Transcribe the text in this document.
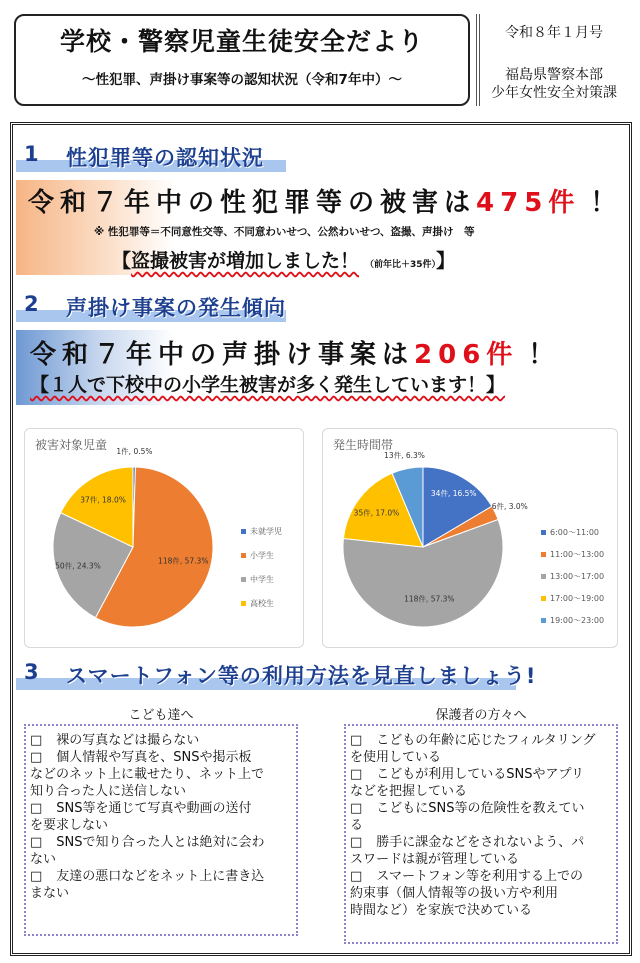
学校・警察児童生徒安全だより
～性犯罪、声掛け事案等の認知状況（令和7年中）～
令和８年１月号
福島県警察本部
少年女性安全対策課
1 性犯罪等の認知状況
令和７年中の性犯罪等の被害は475件 ！
※ 性犯罪等＝不同意性交等、不同意わいせつ、公然わいせつ、盗撮、声掛け　等
【盗撮被害が増加しました！ （前年比＋35件）】
2 声掛け事案の発生傾向
令和７年中の声掛け事案は206件 ！
【１人で下校中の小学生被害が多く発生しています！】
被害対象児童 1件, 0.5%
118件, 57.3%
50件, 24.3%
37件, 18.0%
未就学児
小学生
中学生
高校生
発生時間帯
34件, 16.5%
6件, 3.0%
118件, 57.3%
35件, 17.0%
13件, 6.3%
6:00～11:00
11:00～13:00
13:00～17:00
17:00～19:00
19:00～23:00
3 スマートフォン等の利用方法を見直しましょう!
こども達へ	保護者の方々へ

□ 裸の写真などは撮らない

□ 個人情報や写真を、SNSや掲示板

などのネット上に載せたり、ネット上で

知り合った人に送信しない

□ SNS等を通じて写真や動画の送付

を要求しない

□ SNSで知り合った人とは絶対に会わ

ない

□ 友達の悪口などをネット上に書き込

まない

□ こどもの年齢に応じたフィルタリング

を使用している

□ こどもが利用しているSNSやアプリ

などを把握している

□ こどもにSNS等の危険性を教えてい

る

□ 勝手に課金などをされないよう、パ

スワードは親が管理している

□ スマートフォン等を利用する上での

約束事（個人情報等の扱い方や利用

時間など）を家族で決めている
